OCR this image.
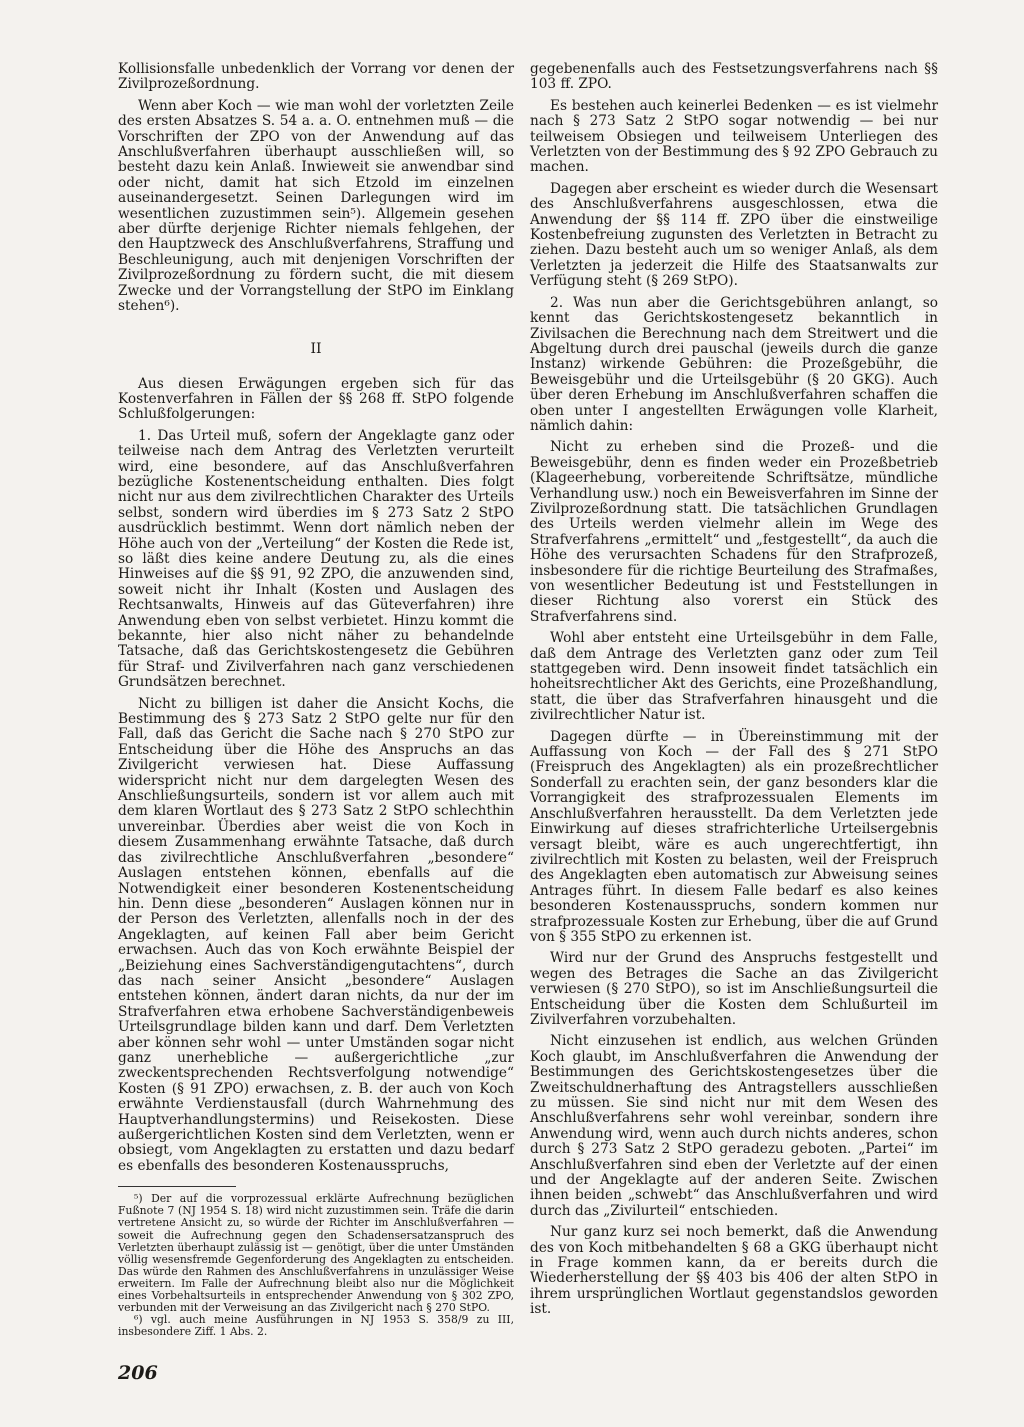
Kollisionsfalle unbedenklich der Vorrang vor denen der Zivilprozeßordnung.

Wenn aber Koch — wie man wohl der vorletzten Zeile des ersten Absatzes S. 54 a. a. O. entnehmen muß — die Vorschriften der ZPO von der Anwendung auf das Anschlußverfahren überhaupt ausschließen will, so besteht dazu kein Anlaß. Inwieweit sie anwendbar sind oder nicht, damit hat sich Etzold im einzelnen auseinandergesetzt. Seinen Darlegungen wird im wesentlichen zuzustimmen sein⁵). Allgemein gesehen aber dürfte derjenige Richter niemals fehlgehen, der den Hauptzweck des Anschlußverfahrens, Straffung und Beschleunigung, auch mit denjenigen Vorschriften der Zivilprozeßordnung zu fördern sucht, die mit diesem Zwecke und der Vorrangstellung der StPO im Einklang stehen⁶).

II

Aus diesen Erwägungen ergeben sich für das Kostenverfahren in Fällen der §§ 268 ff. StPO folgende Schlußfolgerungen:

1. Das Urteil muß, sofern der Angeklagte ganz oder teilweise nach dem Antrag des Verletzten verurteilt wird, eine besondere, auf das Anschlußverfahren bezügliche Kostenentscheidung enthalten. Dies folgt nicht nur aus dem zivilrechtlichen Charakter des Urteils selbst, sondern wird überdies im § 273 Satz 2 StPO ausdrücklich bestimmt. Wenn dort nämlich neben der Höhe auch von der „Verteilung“ der Kosten die Rede ist, so läßt dies keine andere Deutung zu, als die eines Hinweises auf die §§ 91, 92 ZPO, die anzuwenden sind, soweit nicht ihr Inhalt (Kosten und Auslagen des Rechtsanwalts, Hinweis auf das Güteverfahren) ihre Anwendung eben von selbst verbietet. Hinzu kommt die bekannte, hier also nicht näher zu behandelnde Tatsache, daß das Gerichtskostengesetz die Gebühren für Straf- und Zivilverfahren nach ganz verschiedenen Grundsätzen berechnet.

Nicht zu billigen ist daher die Ansicht Kochs, die Bestimmung des § 273 Satz 2 StPO gelte nur für den Fall, daß das Gericht die Sache nach § 270 StPO zur Entscheidung über die Höhe des Anspruchs an das Zivilgericht verwiesen hat. Diese Auffassung widerspricht nicht nur dem dargelegten Wesen des Anschließungsurteils, sondern ist vor allem auch mit dem klaren Wortlaut des § 273 Satz 2 StPO schlechthin unvereinbar. Überdies aber weist die von Koch in diesem Zusammenhang erwähnte Tatsache, daß durch das zivilrechtliche Anschlußverfahren „besondere“ Auslagen entstehen können, ebenfalls auf die Notwendigkeit einer besonderen Kostenentscheidung hin. Denn diese „besonderen“ Auslagen können nur in der Person des Verletzten, allenfalls noch in der des Angeklagten, auf keinen Fall aber beim Gericht erwachsen. Auch das von Koch erwähnte Beispiel der „Beiziehung eines Sachverständigengutachtens“, durch das nach seiner Ansicht „besondere“ Auslagen entstehen können, ändert daran nichts, da nur der im Strafverfahren etwa erhobene Sachverständigenbeweis Urteilsgrundlage bilden kann und darf. Dem Verletzten aber können sehr wohl — unter Umständen sogar nicht ganz unerhebliche — außergerichtliche „zur zweckentsprechenden Rechtsverfolgung notwendige“ Kosten (§ 91 ZPO) erwachsen, z. B. der auch von Koch erwähnte Verdienstausfall (durch Wahrnehmung des Hauptverhandlungstermins) und Reisekosten. Diese außergerichtlichen Kosten sind dem Verletzten, wenn er obsiegt, vom Angeklagten zu erstatten und dazu bedarf es ebenfalls des besonderen Kostenausspruchs,

⁵) Der auf die vorprozessual erklärte Aufrechnung bezüglichen Fußnote 7 (NJ 1954 S. 18) wird nicht zuzustimmen sein. Träfe die darin vertretene Ansicht zu, so würde der Richter im Anschlußverfahren — soweit die Aufrechnung gegen den Schadensersatzanspruch des Verletzten überhaupt zulässig ist — genötigt, über die unter Umständen völlig wesensfremde Gegenforderung des Angeklagten zu entscheiden. Das würde den Rahmen des Anschlußverfahrens in unzulässiger Weise erweitern. Im Falle der Aufrechnung bleibt also nur die Möglichkeit eines Vorbehaltsurteils in entsprechender Anwendung von § 302 ZPO, verbunden mit der Verweisung an das Zivilgericht nach § 270 StPO.

⁶) vgl. auch meine Ausführungen in NJ 1953 S. 358/9 zu III, insbesondere Ziff. 1 Abs. 2.

gegebenenfalls auch des Festsetzungsverfahrens nach §§ 103 ff. ZPO.

Es bestehen auch keinerlei Bedenken — es ist vielmehr nach § 273 Satz 2 StPO sogar notwendig — bei nur teilweisem Obsiegen und teilweisem Unterliegen des Verletzten von der Bestimmung des § 92 ZPO Gebrauch zu machen.

Dagegen aber erscheint es wieder durch die Wesensart des Anschlußverfahrens ausgeschlossen, etwa die Anwendung der §§ 114 ff. ZPO über die einstweilige Kostenbefreiung zugunsten des Verletzten in Betracht zu ziehen. Dazu besteht auch um so weniger Anlaß, als dem Verletzten ja jederzeit die Hilfe des Staatsanwalts zur Verfügung steht (§ 269 StPO).

2. Was nun aber die Gerichtsgebühren anlangt, so kennt das Gerichtskostengesetz bekanntlich in Zivilsachen die Berechnung nach dem Streitwert und die Abgeltung durch drei pauschal (jeweils durch die ganze Instanz) wirkende Gebühren: die Prozeßgebühr, die Beweisgebühr und die Urteilsgebühr (§ 20 GKG). Auch über deren Erhebung im Anschlußverfahren schaffen die oben unter I angestellten Erwägungen volle Klarheit, nämlich dahin:

Nicht zu erheben sind die Prozeß- und die Beweisgebühr, denn es finden weder ein Prozeßbetrieb (Klageerhebung, vorbereitende Schriftsätze, mündliche Verhandlung usw.) noch ein Beweisverfahren im Sinne der Zivilprozeßordnung statt. Die tatsächlichen Grundlagen des Urteils werden vielmehr allein im Wege des Strafverfahrens „ermittelt“ und „festgestellt“, da auch die Höhe des verursachten Schadens für den Strafprozeß, insbesondere für die richtige Beurteilung des Strafmaßes, von wesentlicher Bedeutung ist und Feststellungen in dieser Richtung also vorerst ein Stück des Strafverfahrens sind.

Wohl aber entsteht eine Urteilsgebühr in dem Falle, daß dem Antrage des Verletzten ganz oder zum Teil stattgegeben wird. Denn insoweit findet tatsächlich ein hoheitsrechtlicher Akt des Gerichts, eine Prozeßhandlung, statt, die über das Strafverfahren hinausgeht und die zivilrechtlicher Natur ist.

Dagegen dürfte — in Übereinstimmung mit der Auffassung von Koch — der Fall des § 271 StPO (Freispruch des Angeklagten) als ein prozeßrechtlicher Sonderfall zu erachten sein, der ganz besonders klar die Vorrangigkeit des strafprozessualen Elements im Anschlußverfahren herausstellt. Da dem Verletzten jede Einwirkung auf dieses strafrichterliche Urteilsergebnis versagt bleibt, wäre es auch ungerechtfertigt, ihn zivilrechtlich mit Kosten zu belasten, weil der Freispruch des Angeklagten eben automatisch zur Abweisung seines Antrages führt. In diesem Falle bedarf es also keines besonderen Kostenausspruchs, sondern kommen nur strafprozessuale Kosten zur Erhebung, über die auf Grund von § 355 StPO zu erkennen ist.

Wird nur der Grund des Anspruchs festgestellt und wegen des Betrages die Sache an das Zivilgericht verwiesen (§ 270 StPO), so ist im Anschließungsurteil die Entscheidung über die Kosten dem Schlußurteil im Zivilverfahren vorzubehalten.

Nicht einzusehen ist endlich, aus welchen Gründen Koch glaubt, im Anschlußverfahren die Anwendung der Bestimmungen des Gerichtskostengesetzes über die Zweitschuldnerhaftung des Antragstellers ausschließen zu müssen. Sie sind nicht nur mit dem Wesen des Anschlußverfahrens sehr wohl vereinbar, sondern ihre Anwendung wird, wenn auch durch nichts anderes, schon durch § 273 Satz 2 StPO geradezu geboten. „Partei“ im Anschlußverfahren sind eben der Verletzte auf der einen und der Angeklagte auf der anderen Seite. Zwischen ihnen beiden „schwebt“ das Anschlußverfahren und wird durch das „Zivilurteil“ entschieden.

Nur ganz kurz sei noch bemerkt, daß die Anwendung des von Koch mitbehandelten § 68 a GKG überhaupt nicht in Frage kommen kann, da er bereits durch die Wiederherstellung der §§ 403 bis 406 der alten StPO in ihrem ursprünglichen Wortlaut gegenstandslos geworden ist.

206
